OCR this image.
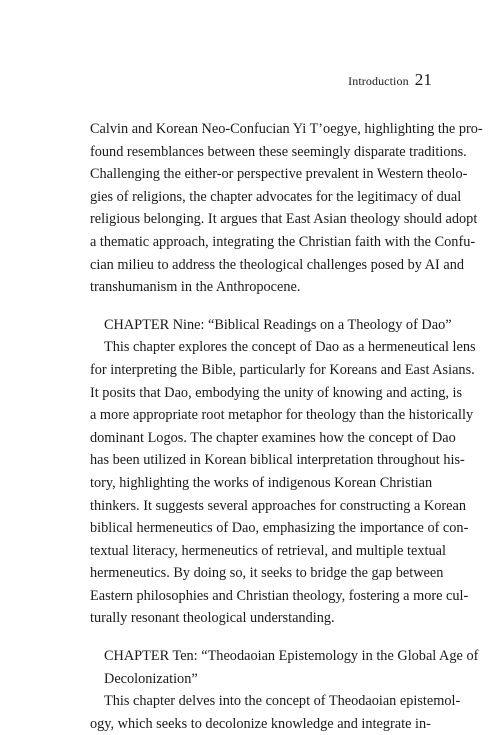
Introduction 21
Calvin and Korean Neo-Confucian Yi T’oegye, highlighting the pro-
found resemblances between these seemingly disparate traditions.
Challenging the either-or perspective prevalent in Western theolo-
gies of religions, the chapter advocates for the legitimacy of dual
religious belonging. It argues that East Asian theology should adopt
a thematic approach, integrating the Christian faith with the Confu-
cian milieu to address the theological challenges posed by AI and
transhumanism in the Anthropocene.
CHAPTER Nine: “Biblical Readings on a Theology of Dao”
This chapter explores the concept of Dao as a hermeneutical lens
for interpreting the Bible, particularly for Koreans and East Asians.
It posits that Dao, embodying the unity of knowing and acting, is
a more appropriate root metaphor for theology than the historically
dominant Logos. The chapter examines how the concept of Dao
has been utilized in Korean biblical interpretation throughout his-
tory, highlighting the works of indigenous Korean Christian
thinkers. It suggests several approaches for constructing a Korean
biblical hermeneutics of Dao, emphasizing the importance of con-
textual literacy, hermeneutics of retrieval, and multiple textual
hermeneutics. By doing so, it seeks to bridge the gap between
Eastern philosophies and Christian theology, fostering a more cul-
turally resonant theological understanding.
CHAPTER Ten: “Theodaoian Epistemology in the Global Age of
Decolonization”
This chapter delves into the concept of Theodaoian epistemol-
ogy, which seeks to decolonize knowledge and integrate in-
